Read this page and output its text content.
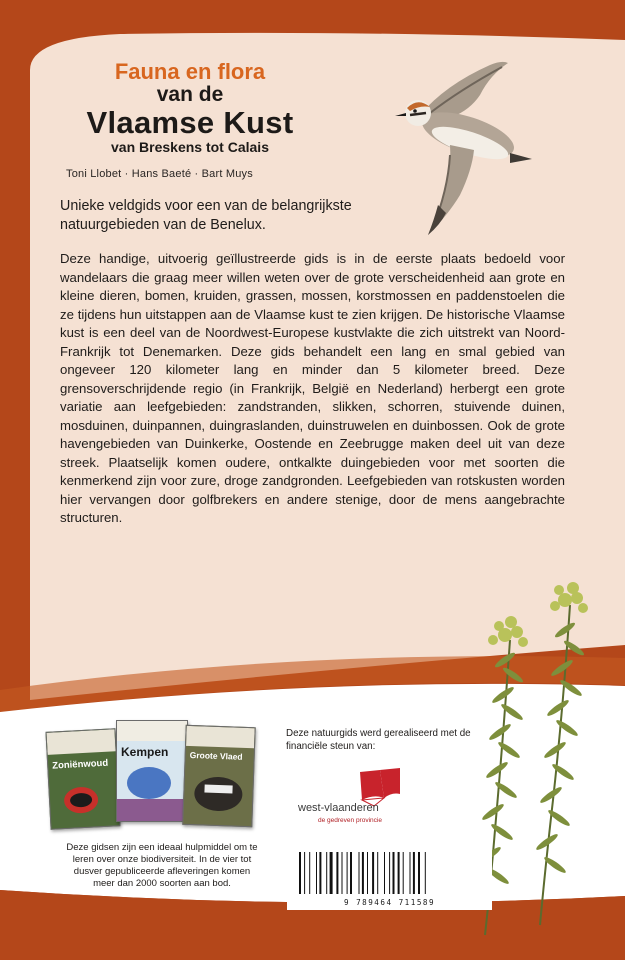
Fauna en flora
van de
Vlaamse Kust
van Breskens tot Calais
Toni Llobet · Hans Baeté · Bart Muys
Unieke veldgids voor een van de belangrijkste natuurgebieden van de Benelux.
Deze handige, uitvoerig geïllustreerde gids is in de eerste plaats bedoeld voor wandelaars die graag meer willen weten over de grote verscheidenheid aan grote en kleine dieren, bomen, kruiden, grassen, mossen, korstmossen en paddenstoelen die ze tijdens hun uitstappen aan de Vlaamse kust te zien krijgen. De historische Vlaamse kust is een deel van de Noordwest-Europese kustvlakte die zich uitstrekt van Noord-Frankrijk tot Denemarken. Deze gids behandelt een lang en smal gebied van ongeveer 120 kilometer lang en minder dan 5 kilometer breed. Deze grensoverschrijdende regio (in Frankrijk, België en Nederland) herbergt een grote variatie aan leefgebieden: zandstranden, slikken, schorren, stuivende duinen, mosduinen, duinpannen, duingraslanden, duinstruwelen en duinbossen. Ook de grote havengebieden van Duinkerke, Oostende en Zeebrugge maken deel uit van deze streek. Plaatselijk komen oudere, ontkalkte duingebieden voor met soorten die kenmerkend zijn voor zure, droge zandgronden. Leefgebieden van rotskusten worden hier vervangen door golfbrekers en andere stenige, door de mens aangebrachte structuren.
Zoniënwoud
Kempen Groote Vlaed
Deze gidsen zijn een ideaal hulpmiddel om te leren over onze biodiversiteit. In de vier tot dusver gepubliceerde afleveringen komen meer dan 2000 soorten aan bod.
Deze natuurgids werd gerealiseerd met de financiële steun van:
west-vlaanderen
de gedreven provincie
9 789464 711589
